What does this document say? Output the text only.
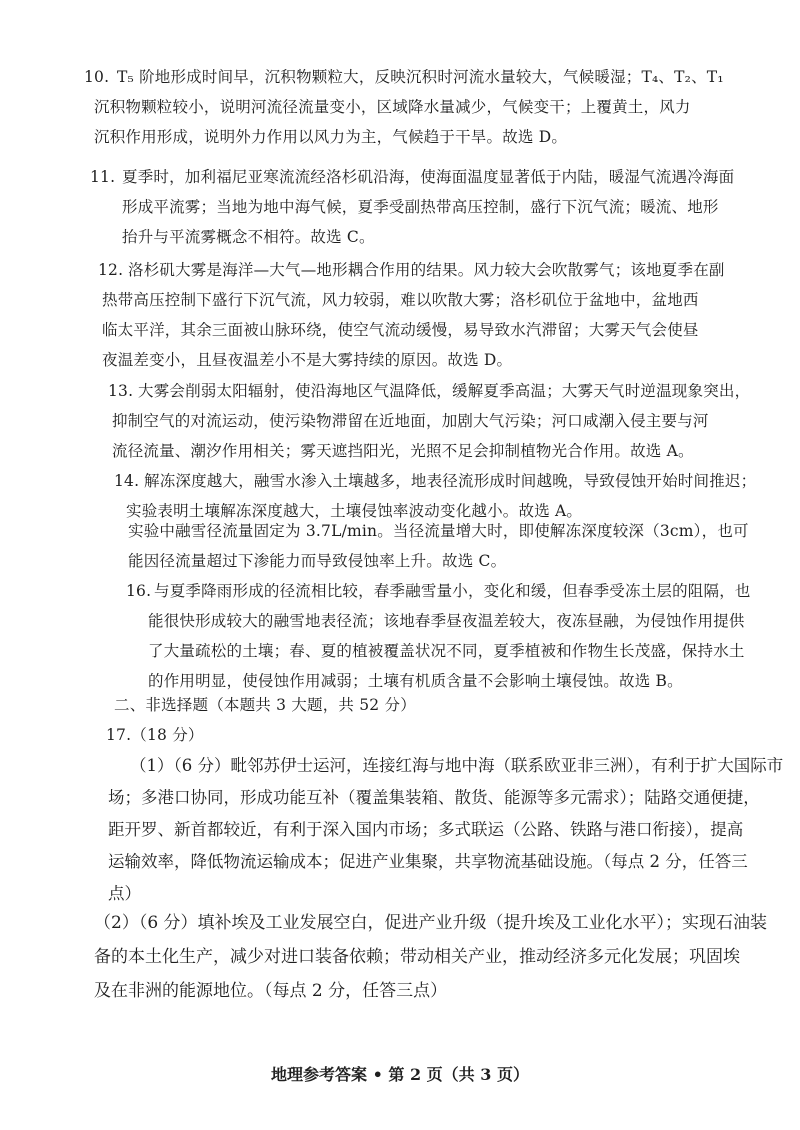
10. T₅ 阶地形成时间早，沉积物颗粒大，反映沉积时河流水量较大，气候暖湿；T₄、T₂、T₁
沉积物颗粒较小，说明河流径流量变小，区域降水量减少，气候变干；上覆黄土，风力
沉积作用形成，说明外力作用以风力为主，气候趋于干旱。故选 D。
11. 夏季时，加利福尼亚寒流流经洛杉矶沿海，使海面温度显著低于内陆，暖湿气流遇冷海面
形成平流雾；当地为地中海气候，夏季受副热带高压控制，盛行下沉气流；暖流、地形
抬升与平流雾概念不相符。故选 C。
12. 洛杉矶大雾是海洋—大气—地形耦合作用的结果。风力较大会吹散雾气；该地夏季在副
热带高压控制下盛行下沉气流，风力较弱，难以吹散大雾；洛杉矶位于盆地中，盆地西
临太平洋，其余三面被山脉环绕，使空气流动缓慢，易导致水汽滞留；大雾天气会使昼
夜温差变小，且昼夜温差小不是大雾持续的原因。故选 D。
13. 大雾会削弱太阳辐射，使沿海地区气温降低，缓解夏季高温；大雾天气时逆温现象突出，
抑制空气的对流运动，使污染物滞留在近地面，加剧大气污染；河口咸潮入侵主要与河
流径流量、潮汐作用相关；雾天遮挡阳光，光照不足会抑制植物光合作用。故选 A。
14. 解冻深度越大，融雪水渗入土壤越多，地表径流形成时间越晚，导致侵蚀开始时间推迟；
实验表明土壤解冻深度越大，土壤侵蚀率波动变化越小。故选 A。
实验中融雪径流量固定为 3.7L/min。当径流量增大时，即使解冻深度较深（3cm），也可
能因径流量超过下渗能力而导致侵蚀率上升。故选 C。
16. 与夏季降雨形成的径流相比较，春季融雪量小，变化和缓，但春季受冻土层的阻隔，也
能很快形成较大的融雪地表径流；该地春季昼夜温差较大，夜冻昼融，为侵蚀作用提供
了大量疏松的土壤；春、夏的植被覆盖状况不同，夏季植被和作物生长茂盛，保持水土
的作用明显，使侵蚀作用减弱；土壤有机质含量不会影响土壤侵蚀。故选 B。
二、非选择题（本题共 3 大题，共 52 分）
17.（18 分）
（1）（6 分）毗邻苏伊士运河，连接红海与地中海（联系欧亚非三洲），有利于扩大国际市
场；多港口协同，形成功能互补（覆盖集装箱、散货、能源等多元需求）；陆路交通便捷，
距开罗、新首都较近，有利于深入国内市场；多式联运（公路、铁路与港口衔接），提高
运输效率，降低物流运输成本；促进产业集聚，共享物流基础设施。（每点 2 分，任答三
点）
（2）（6 分）填补埃及工业发展空白，促进产业升级（提升埃及工业化水平）；实现石油装
备的本土化生产，减少对进口装备依赖；带动相关产业，推动经济多元化发展；巩固埃
及在非洲的能源地位。（每点 2 分，任答三点）
地理参考答案 • 第 2 页（共 3 页）
